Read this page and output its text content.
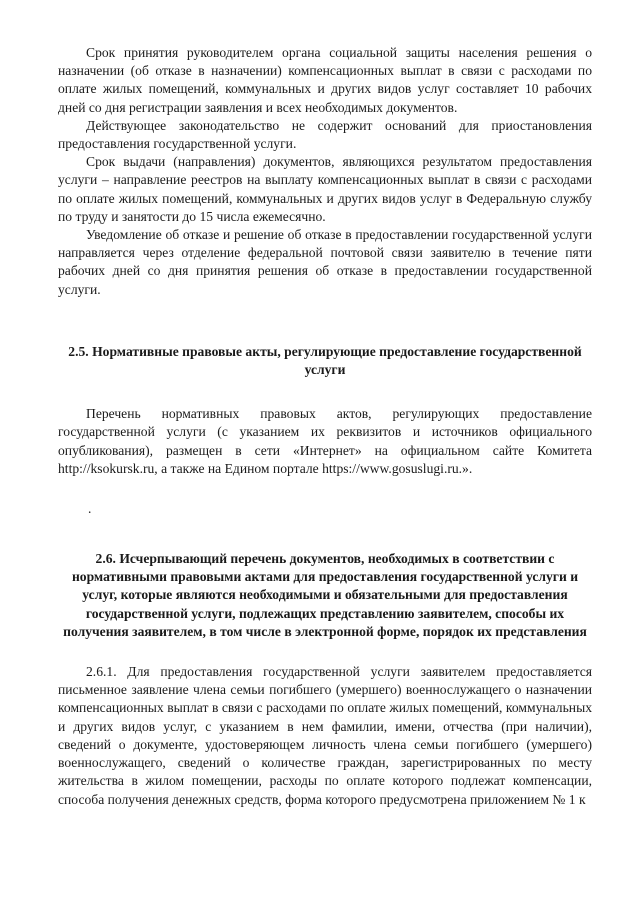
Срок принятия руководителем органа социальной защиты населения решения о назначении (об отказе в назначении) компенсационных выплат в связи с расходами по оплате жилых помещений, коммунальных и других видов услуг составляет 10 рабочих дней со дня регистрации заявления и всех необходимых документов.

Действующее законодательство не содержит оснований для приостановления предоставления государственной услуги.

Срок выдачи (направления) документов, являющихся результатом предоставления услуги – направление реестров на выплату компенсационных выплат в связи с расходами по оплате жилых помещений, коммунальных и других видов услуг в Федеральную службу по труду и занятости до 15 числа ежемесячно.

Уведомление об отказе и решение об отказе в предоставлении государственной услуги направляется через отделение федеральной почтовой связи заявителю в течение пяти рабочих дней со дня принятия решения об отказе в предоставлении государственной услуги.

2.5. Нормативные правовые акты, регулирующие предоставление государственной услуги

Перечень нормативных правовых актов, регулирующих предоставление государственной услуги (с указанием их реквизитов и источников официального опубликования), размещен в сети «Интернет» на официальном сайте Комитета http://ksokursk.ru, а также на Едином портале https://www.gosuslugi.ru.».

.

2.6. Исчерпывающий перечень документов, необходимых в соответствии с нормативными правовыми актами для предоставления государственной услуги и услуг, которые являются необходимыми и обязательными для предоставления государственной услуги, подлежащих представлению заявителем, способы их получения заявителем, в том числе в электронной форме, порядок их представления

2.6.1. Для предоставления государственной услуги заявителем предоставляется письменное заявление члена семьи погибшего (умершего) военнослужащего о назначении компенсационных выплат в связи с расходами по оплате жилых помещений, коммунальных и других видов услуг, с указанием в нем фамилии, имени, отчества (при наличии), сведений о документе, удостоверяющем личность члена семьи погибшего (умершего) военнослужащего, сведений о количестве граждан, зарегистрированных по месту жительства в жилом помещении, расходы по оплате которого подлежат компенсации, способа получения денежных средств, форма которого предусмотрена приложением № 1 к
